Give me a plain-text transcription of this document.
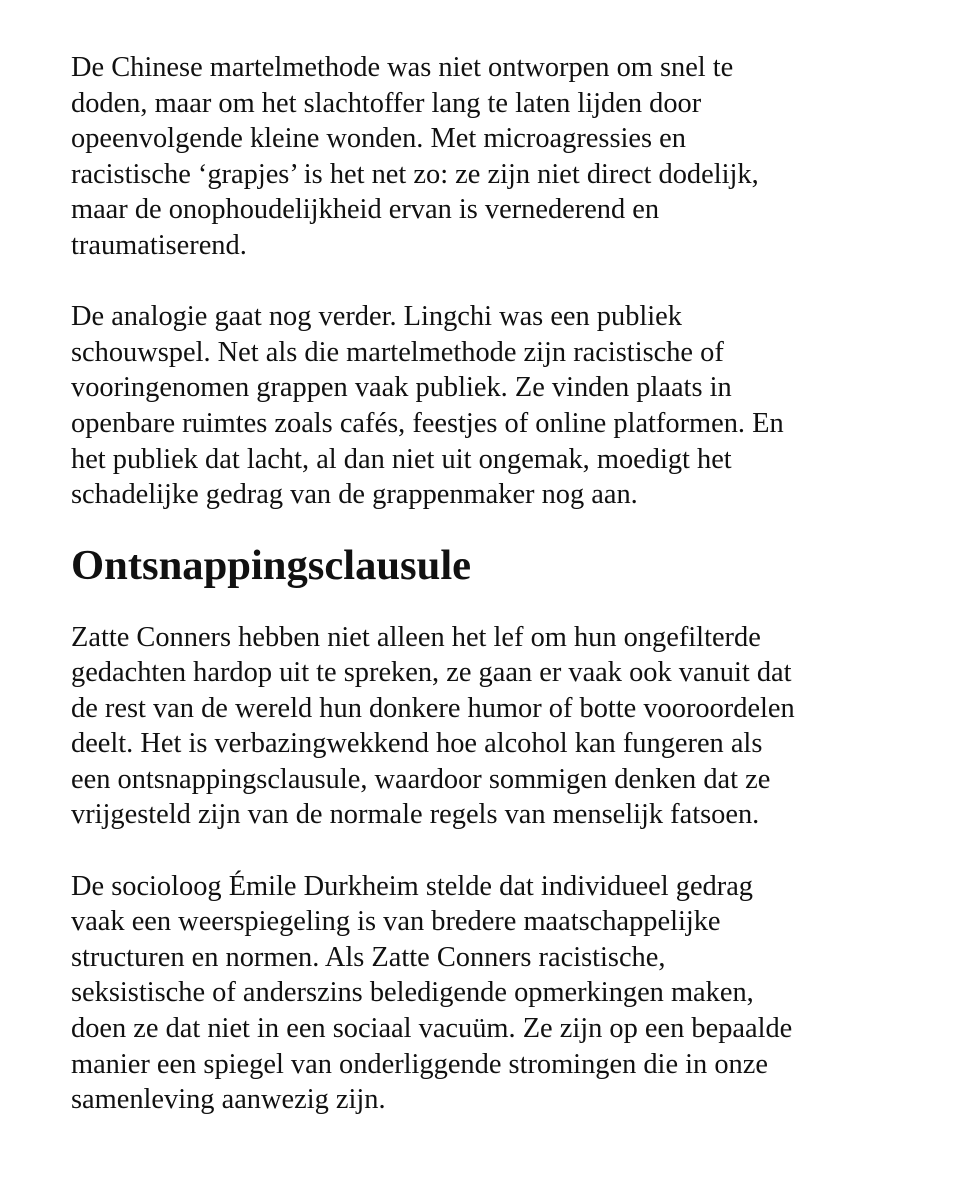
De Chinese martelmethode was niet ontworpen om snel te
doden, maar om het slachtoffer lang te laten lijden door
opeenvolgende kleine wonden. Met microagressies en
racistische ‘grapjes’ is het net zo: ze zijn niet direct dodelijk,
maar de onophoudelijkheid ervan is vernederend en
traumatiserend.

De analogie gaat nog verder. Lingchi was een publiek
schouwspel. Net als die martelmethode zijn racistische of
vooringenomen grappen vaak publiek. Ze vinden plaats in
openbare ruimtes zoals cafés, feestjes of online platformen. En
het publiek dat lacht, al dan niet uit ongemak, moedigt het
schadelijke gedrag van de grappenmaker nog aan.

Ontsnappingsclausule

Zatte Conners hebben niet alleen het lef om hun ongefilterde
gedachten hardop uit te spreken, ze gaan er vaak ook vanuit dat
de rest van de wereld hun donkere humor of botte vooroordelen
deelt. Het is verbazingwekkend hoe alcohol kan fungeren als
een ontsnappingsclausule, waardoor sommigen denken dat ze
vrijgesteld zijn van de normale regels van menselijk fatsoen.

De socioloog Émile Durkheim stelde dat individueel gedrag
vaak een weerspiegeling is van bredere maatschappelijke
structuren en normen. Als Zatte Conners racistische,
seksistische of anderszins beledigende opmerkingen maken,
doen ze dat niet in een sociaal vacuüm. Ze zijn op een bepaalde
manier een spiegel van onderliggende stromingen die in onze
samenleving aanwezig zijn.
